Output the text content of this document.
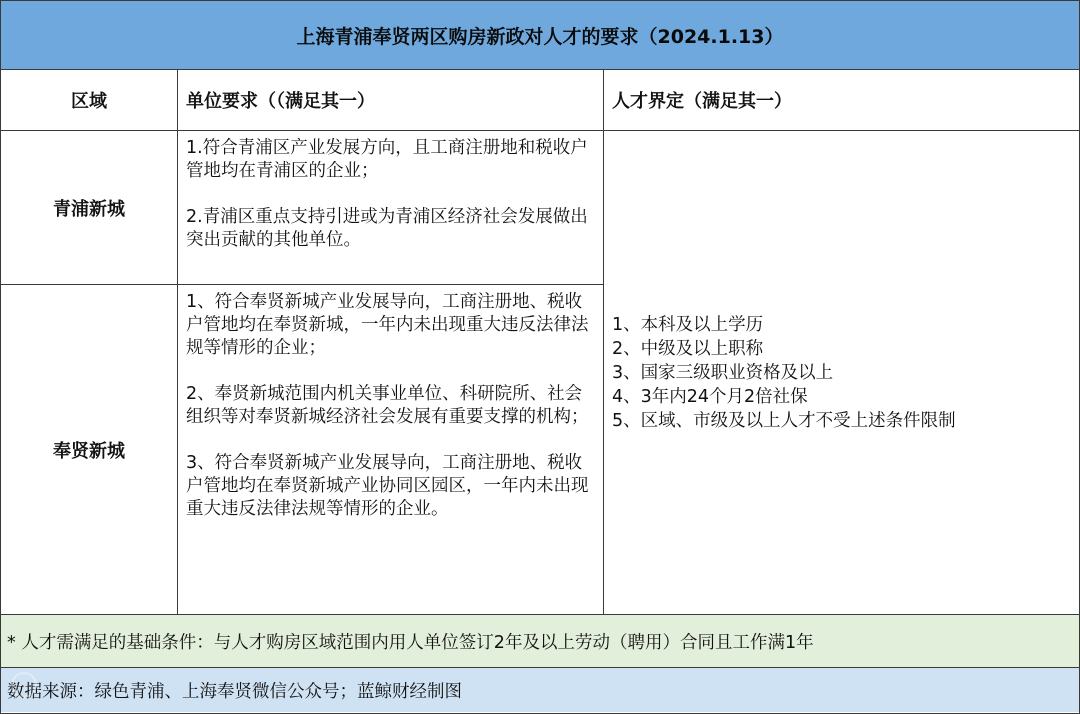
上海青浦奉贤两区购房新政对人才的要求（2024.1.13）
区域	单位要求（（满足其一）	人才界定（满足其一）
青浦新城

1.符合青浦区产业发展方向，且工商注册地和税收户管地均在青浦区的企业；

2.青浦区重点支持引进或为青浦区经济社会发展做出突出贡献的其他单位。

1、本科及以上学历
2、中级及以上职称
3、国家三级职业资格及以上
4、3年内24个月2倍社保
5、区域、市级及以上人才不受上述条件限制
奉贤新城

1、符合奉贤新城产业发展导向，工商注册地、税收户管地均在奉贤新城，一年内未出现重大违反法律法规等情形的企业；

2、奉贤新城范围内机关事业单位、科研院所、社会组织等对奉贤新城经济社会发展有重要支撑的机构；

3、符合奉贤新城产业发展导向，工商注册地、税收户管地均在奉贤新城产业协同区园区，一年内未出现重大违反法律法规等情形的企业。

* 人才需满足的基础条件：与人才购房区域范围内用人单位签订2年及以上劳动（聘用）合同且工作满1年
数据来源：绿色青浦、上海奉贤微信公众号；蓝鲸财经制图
